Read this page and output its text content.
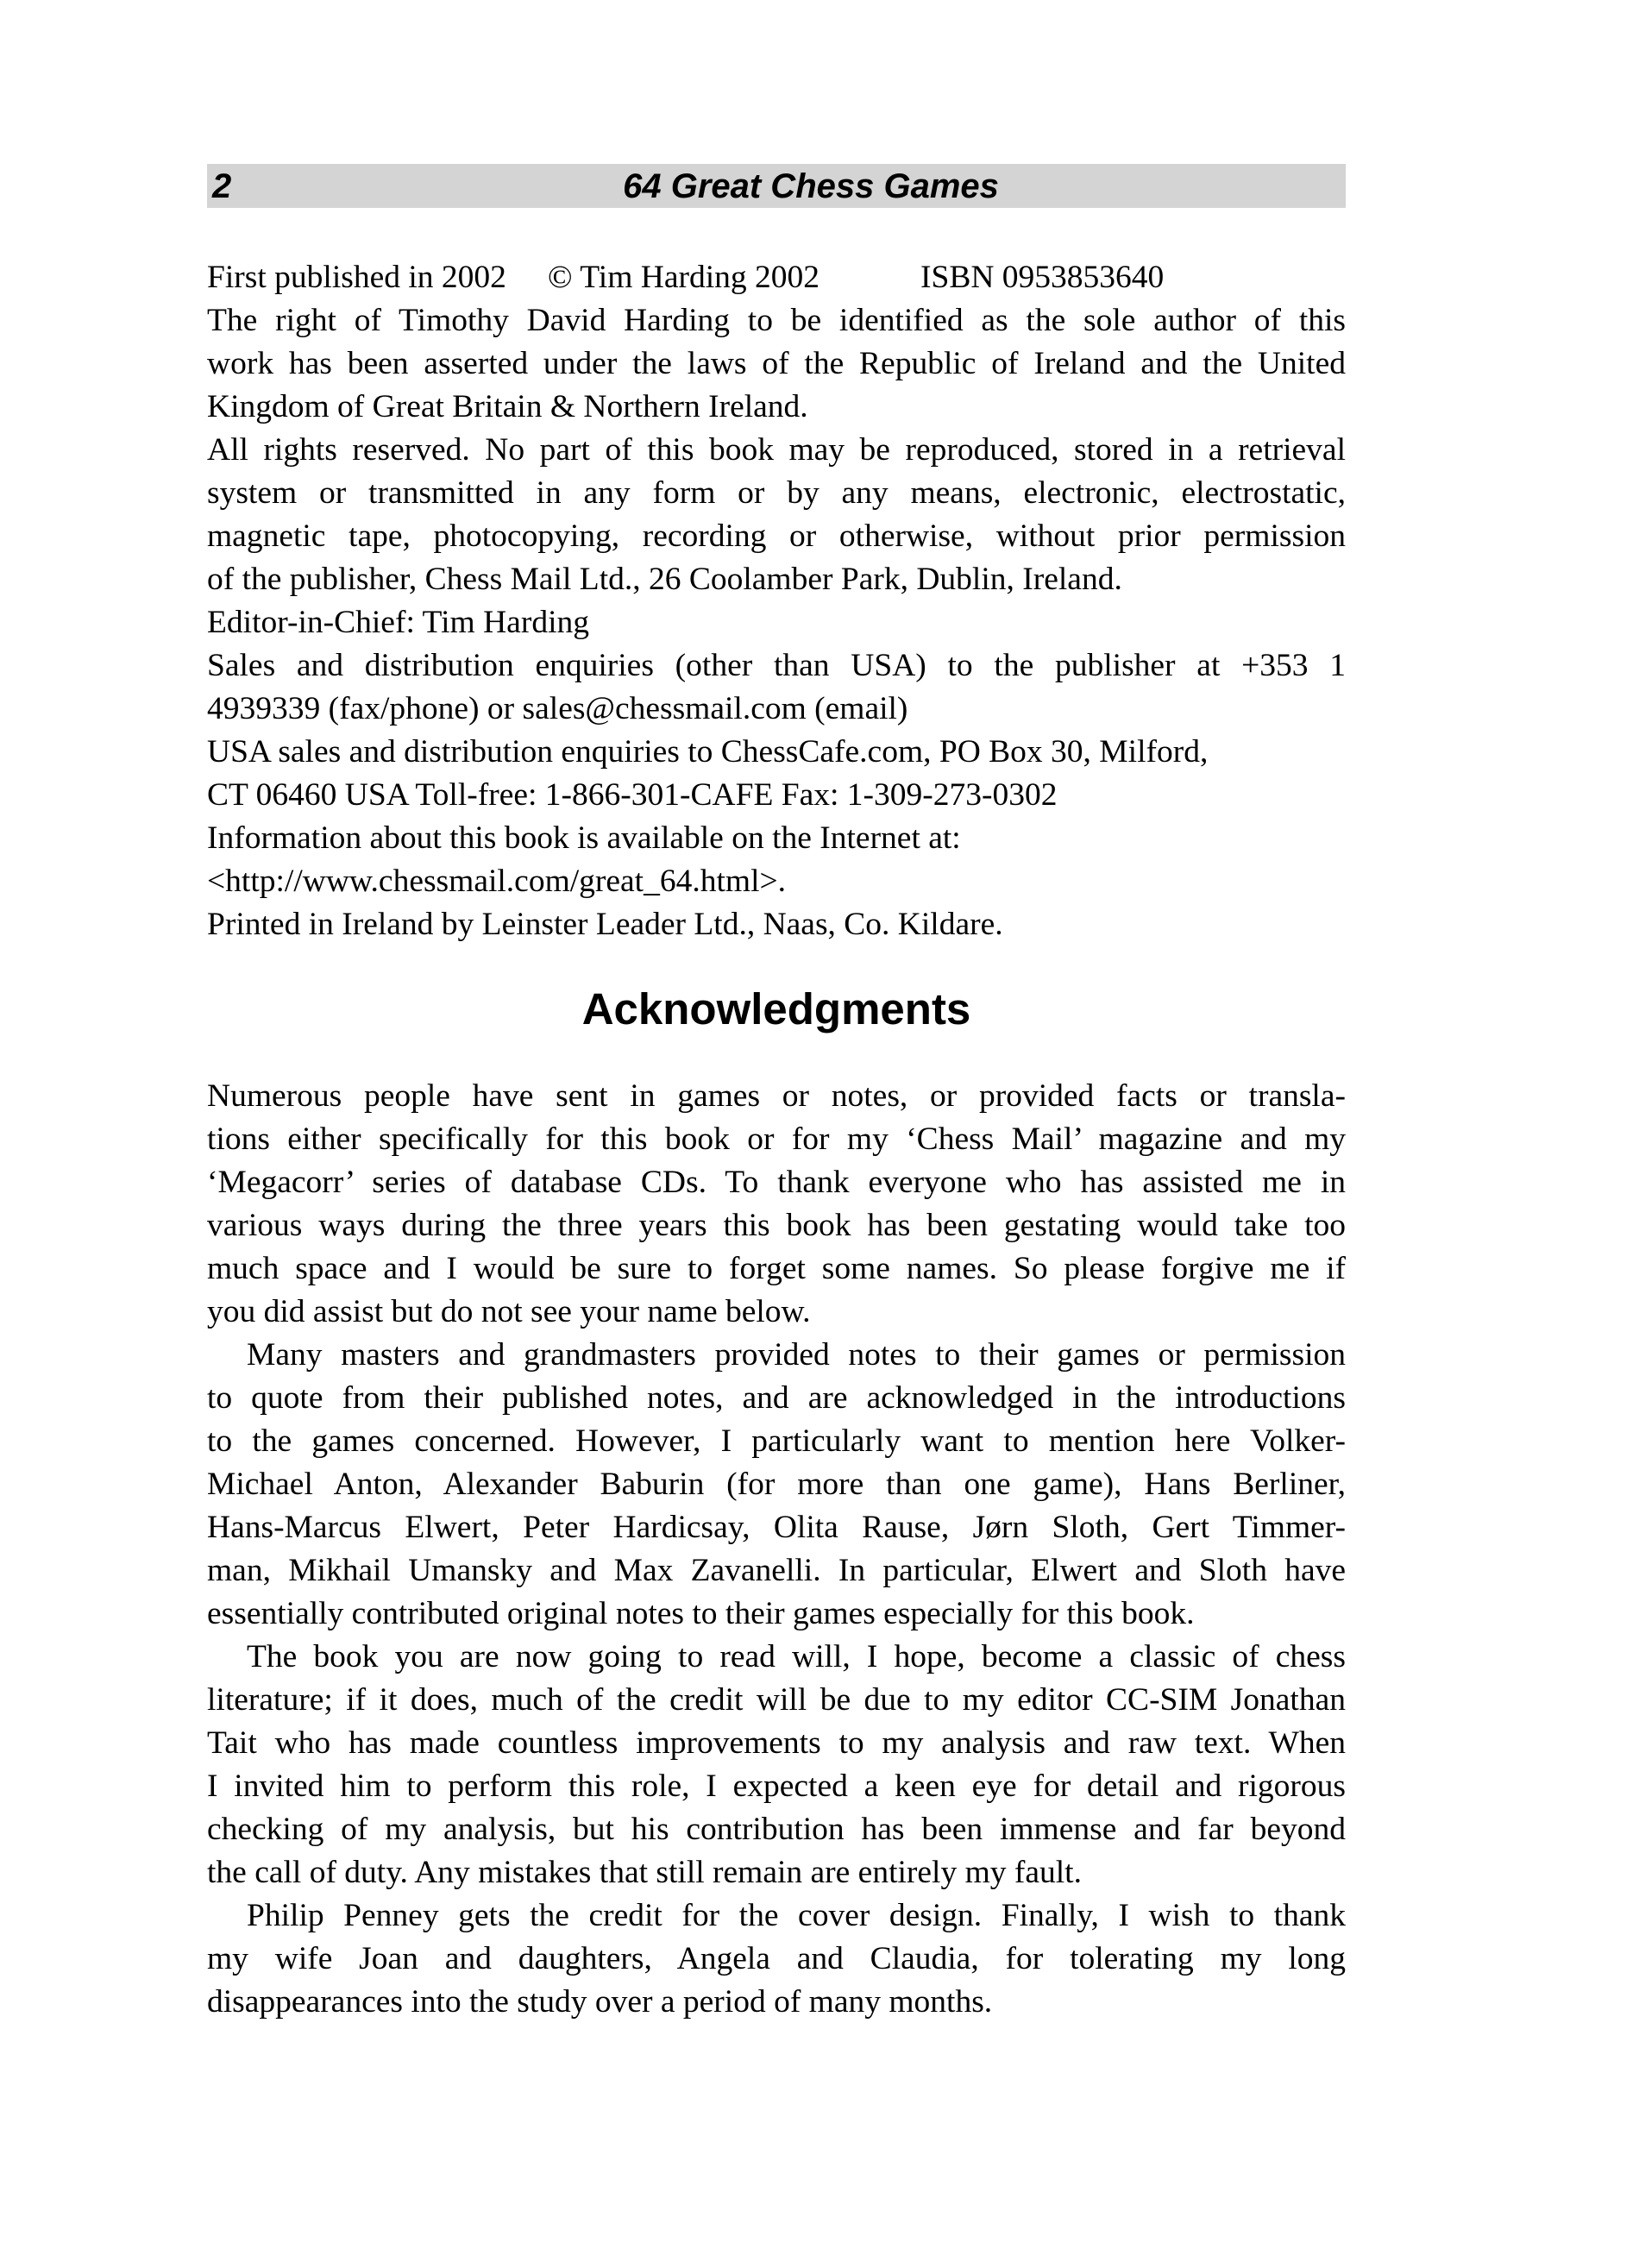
2	64 Great Chess Games
First published in 2002 © Tim Harding 2002	ISBN 0953853640
The right of Timothy David Harding to be identified as the sole author of this
work has been asserted under the laws of the Republic of Ireland and the United
Kingdom of Great Britain & Northern Ireland.
All rights reserved. No part of this book may be reproduced, stored in a retrieval
system or transmitted in any form or by any means, electronic, electrostatic,
magnetic tape, photocopying, recording or otherwise, without prior permission
of the publisher, Chess Mail Ltd., 26 Coolamber Park, Dublin, Ireland.
Editor-in-Chief: Tim Harding
Sales and distribution enquiries (other than USA) to the publisher at +353 1
4939339 (fax/phone) or sales@chessmail.com (email)
USA sales and distribution enquiries to ChessCafe.com, PO Box 30, Milford,
CT 06460 USA Toll-free: 1-866-301-CAFE Fax: 1-309-273-0302
Information about this book is available on the Internet at:
<http://www.chessmail.com/great_64.html>.
Printed in Ireland by Leinster Leader Ltd., Naas, Co. Kildare.
Acknowledgments
Numerous people have sent in games or notes, or provided facts or transla-
tions either specifically for this book or for my ‘Chess Mail’ magazine and my
‘Megacorr’ series of database CDs. To thank everyone who has assisted me in
various ways during the three years this book has been gestating would take too
much space and I would be sure to forget some names. So please forgive me if
you did assist but do not see your name below.
Many masters and grandmasters provided notes to their games or permission
to quote from their published notes, and are acknowledged in the introductions
to the games concerned. However, I particularly want to mention here Volker-
Michael Anton, Alexander Baburin (for more than one game), Hans Berliner,
Hans-Marcus Elwert, Peter Hardicsay, Olita Rause, Jørn Sloth, Gert Timmer-
man, Mikhail Umansky and Max Zavanelli. In particular, Elwert and Sloth have
essentially contributed original notes to their games especially for this book.
The book you are now going to read will, I hope, become a classic of chess
literature; if it does, much of the credit will be due to my editor CC-SIM Jonathan
Tait who has made countless improvements to my analysis and raw text. When
I invited him to perform this role, I expected a keen eye for detail and rigorous
checking of my analysis, but his contribution has been immense and far beyond
the call of duty. Any mistakes that still remain are entirely my fault.
Philip Penney gets the credit for the cover design. Finally, I wish to thank
my wife Joan and daughters, Angela and Claudia, for tolerating my long
disappearances into the study over a period of many months.
